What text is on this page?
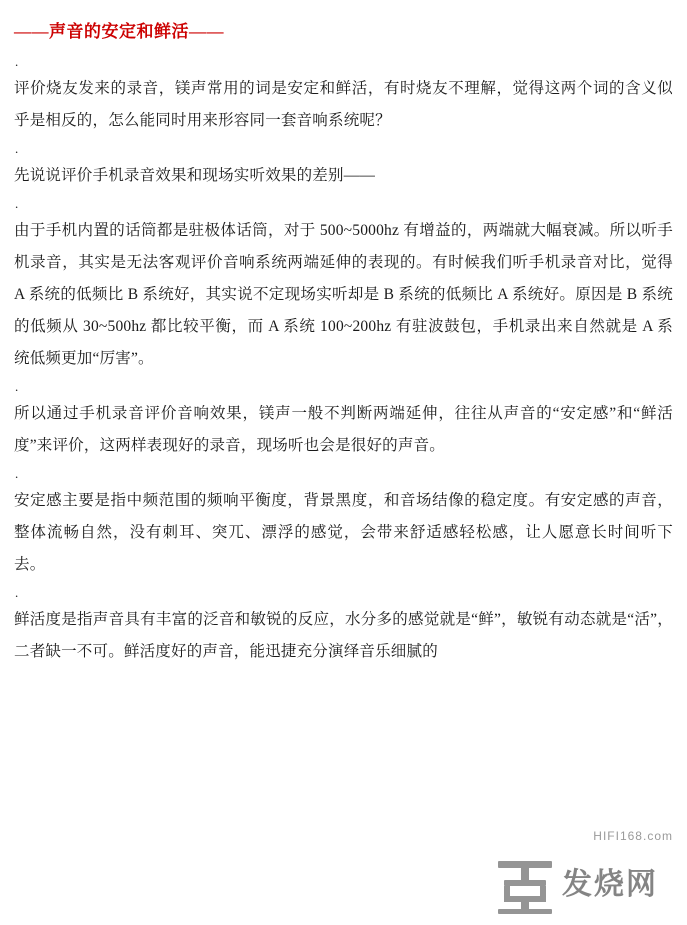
——声音的安定和鲜活——
.
评价烧友发来的录音，镁声常用的词是安定和鲜活，有时烧友不理解，觉得这两个词的含义似乎是相反的，怎么能同时用来形容同一套音响系统呢？
.
先说说评价手机录音效果和现场实听效果的差别——
.
由于手机内置的话筒都是驻极体话筒，对于 500~5000hz 有增益的，两端就大幅衰减。所以听手机录音，其实是无法客观评价音响系统两端延伸的表现的。有时候我们听手机录音对比，觉得 A 系统的低频比 B 系统好，其实说不定现场实听却是 B 系统的低频比 A 系统好。原因是 B 系统的低频从 30~500hz 都比较平衡，而 A 系统 100~200hz 有驻波鼓包，手机录出来自然就是 A 系统低频更加“厉害”。
.
所以通过手机录音评价音响效果，镁声一般不判断两端延伸，往往从声音的“安定感”和“鲜活度”来评价，这两样表现好的录音，现场听也会是很好的声音。
.
安定感主要是指中频范围的频响平衡度，背景黑度，和音场结像的稳定度。有安定感的声音，整体流畅自然，没有刺耳、突兀、漂浮的感觉，会带来舒适感轻松感，让人愿意长时间听下去。
.
鲜活度是指声音具有丰富的泛音和敏锐的反应，水分多的感觉就是“鲜”，敏锐有动态就是“活”，二者缺一不可。鲜活度好的声音，能迅捷充分演绎音乐细腻的
HIFI168.com
发烧网
